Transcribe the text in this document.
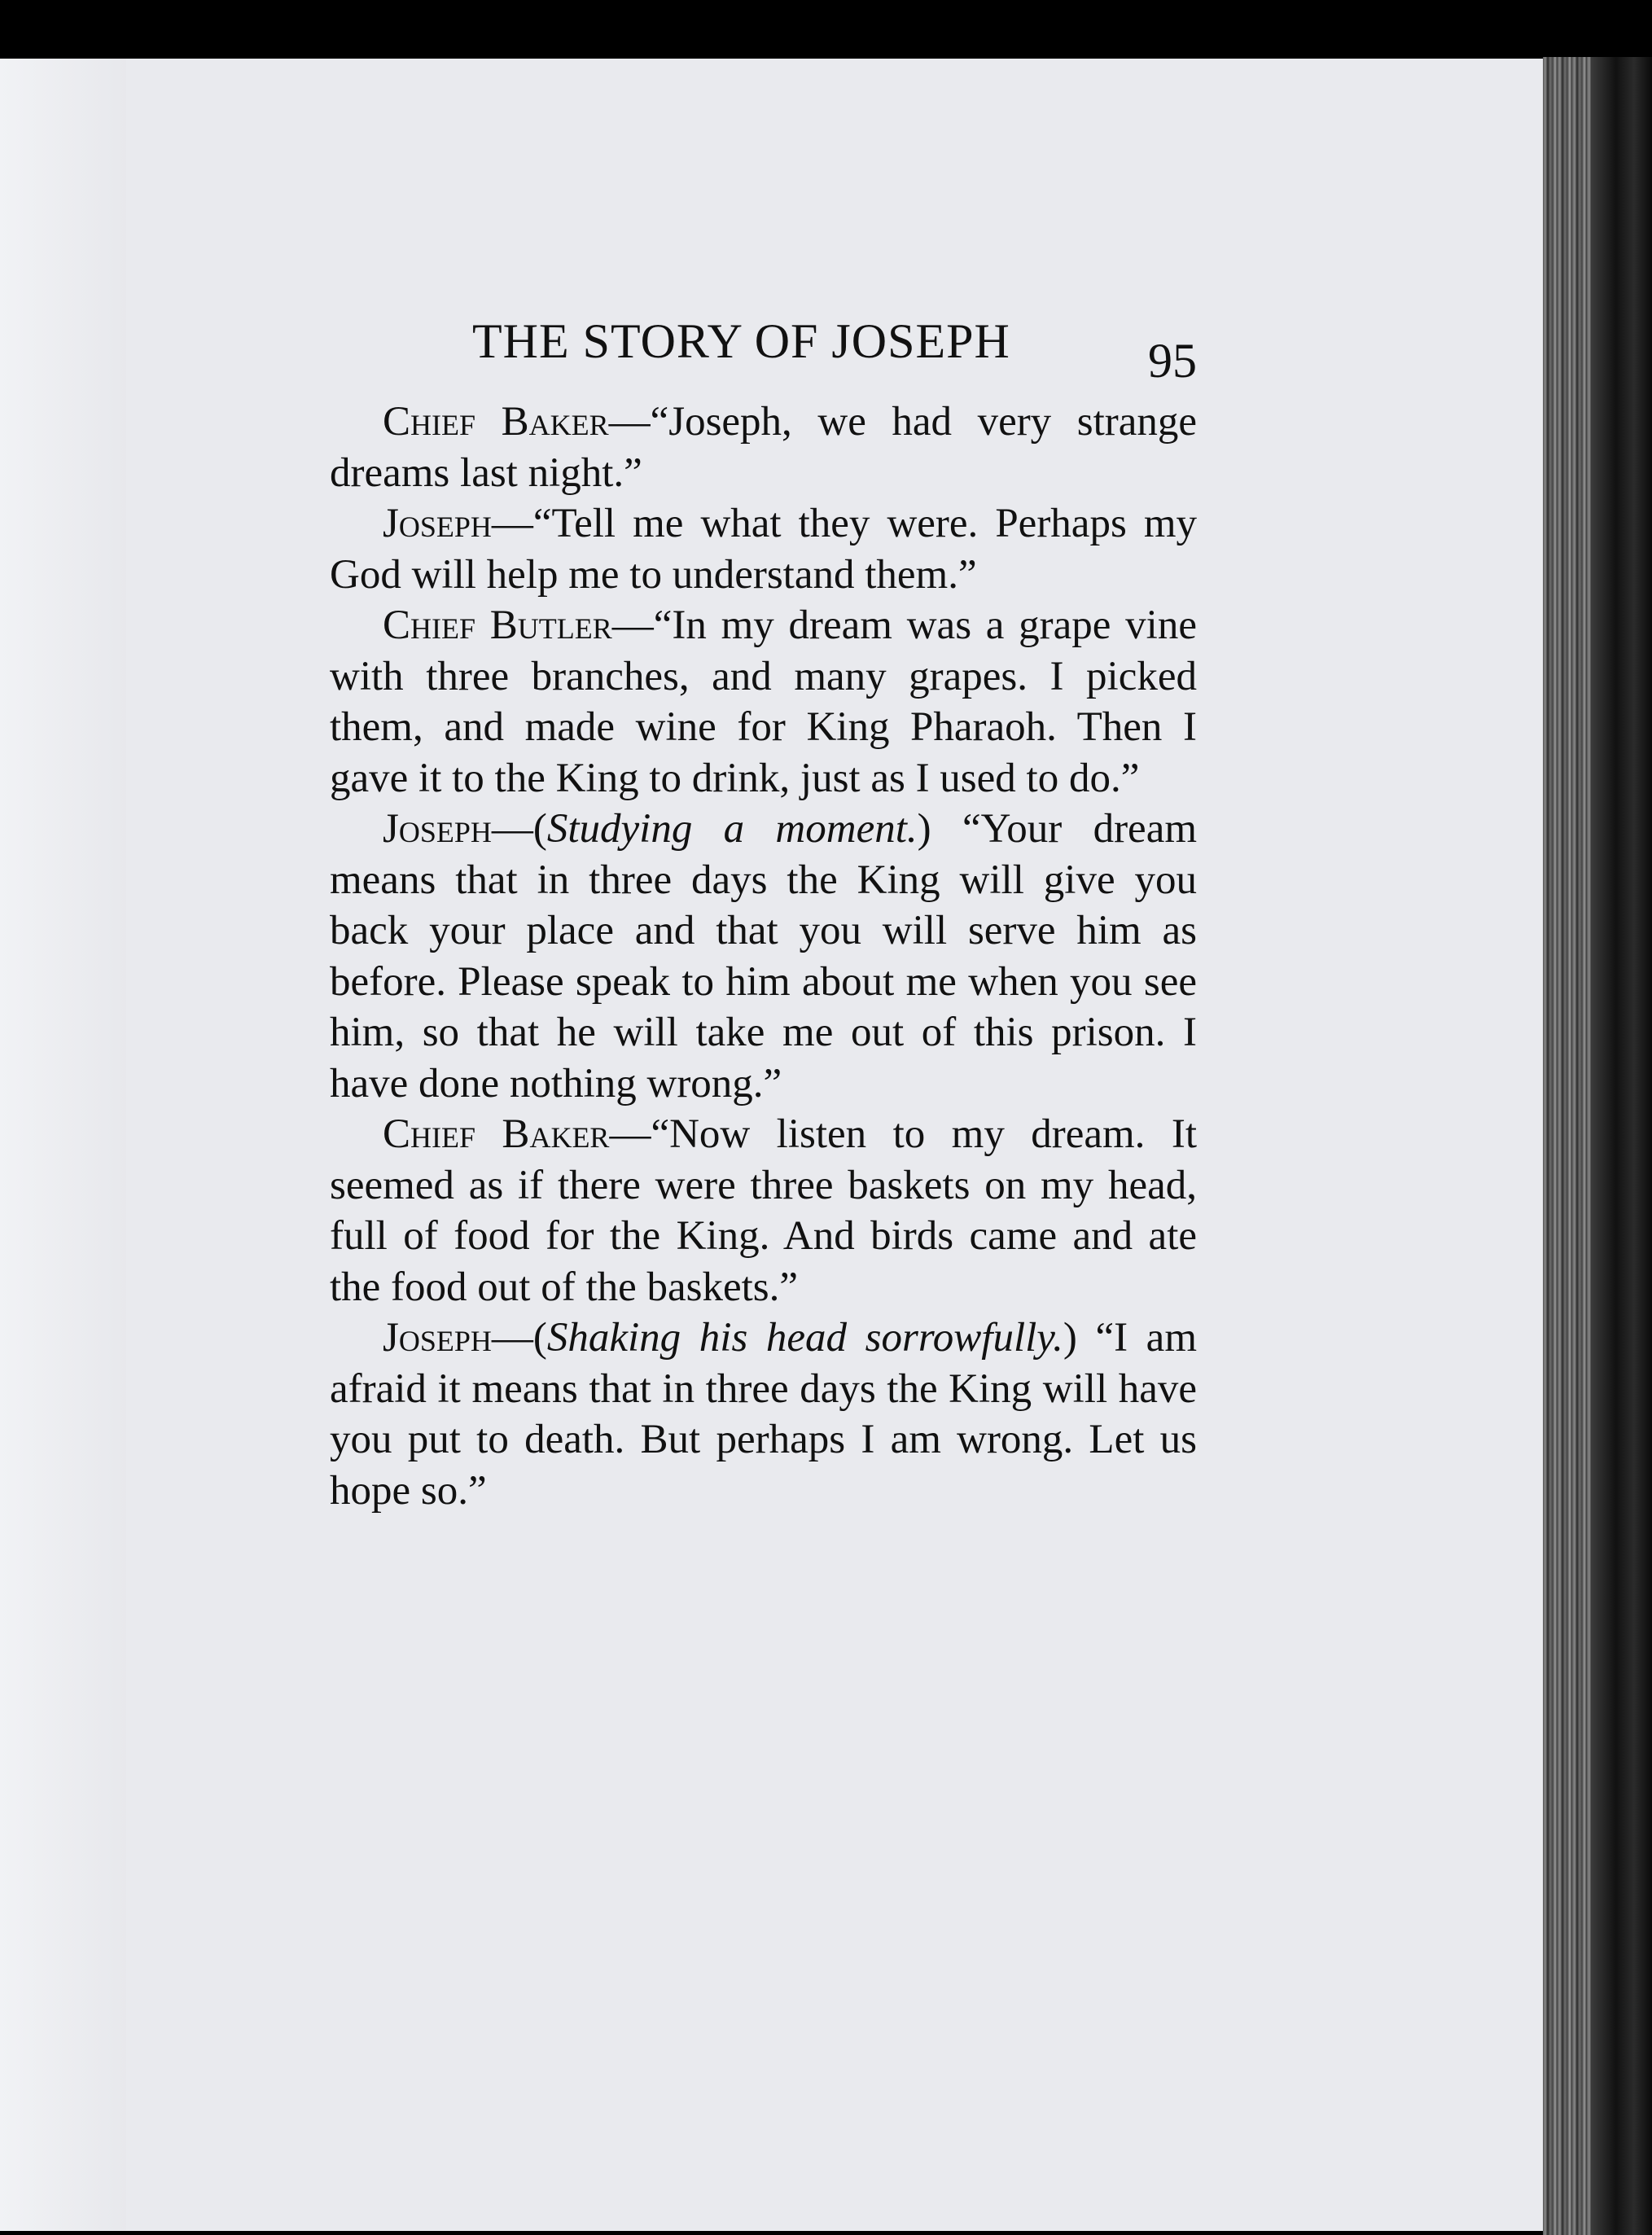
THE STORY OF JOSEPH	95

Chief Baker—“Joseph, we had very strange dreams last night.”

Joseph—“Tell me what they were. Perhaps my God will help me to understand them.”

Chief Butler—“In my dream was a grape vine with three branches, and many grapes. I picked them, and made wine for King Pharaoh. Then I gave it to the King to drink, just as I used to do.”

Joseph—(Studying a moment.) “Your dream means that in three days the King will give you back your place and that you will serve him as before. Please speak to him about me when you see him, so that he will take me out of this prison. I have done nothing wrong.”

Chief Baker—“Now listen to my dream. It seemed as if there were three baskets on my head, full of food for the King. And birds came and ate the food out of the baskets.”

Joseph—(Shaking his head sorrowfully.) “I am afraid it means that in three days the King will have you put to death. But perhaps I am wrong. Let us hope so.”
